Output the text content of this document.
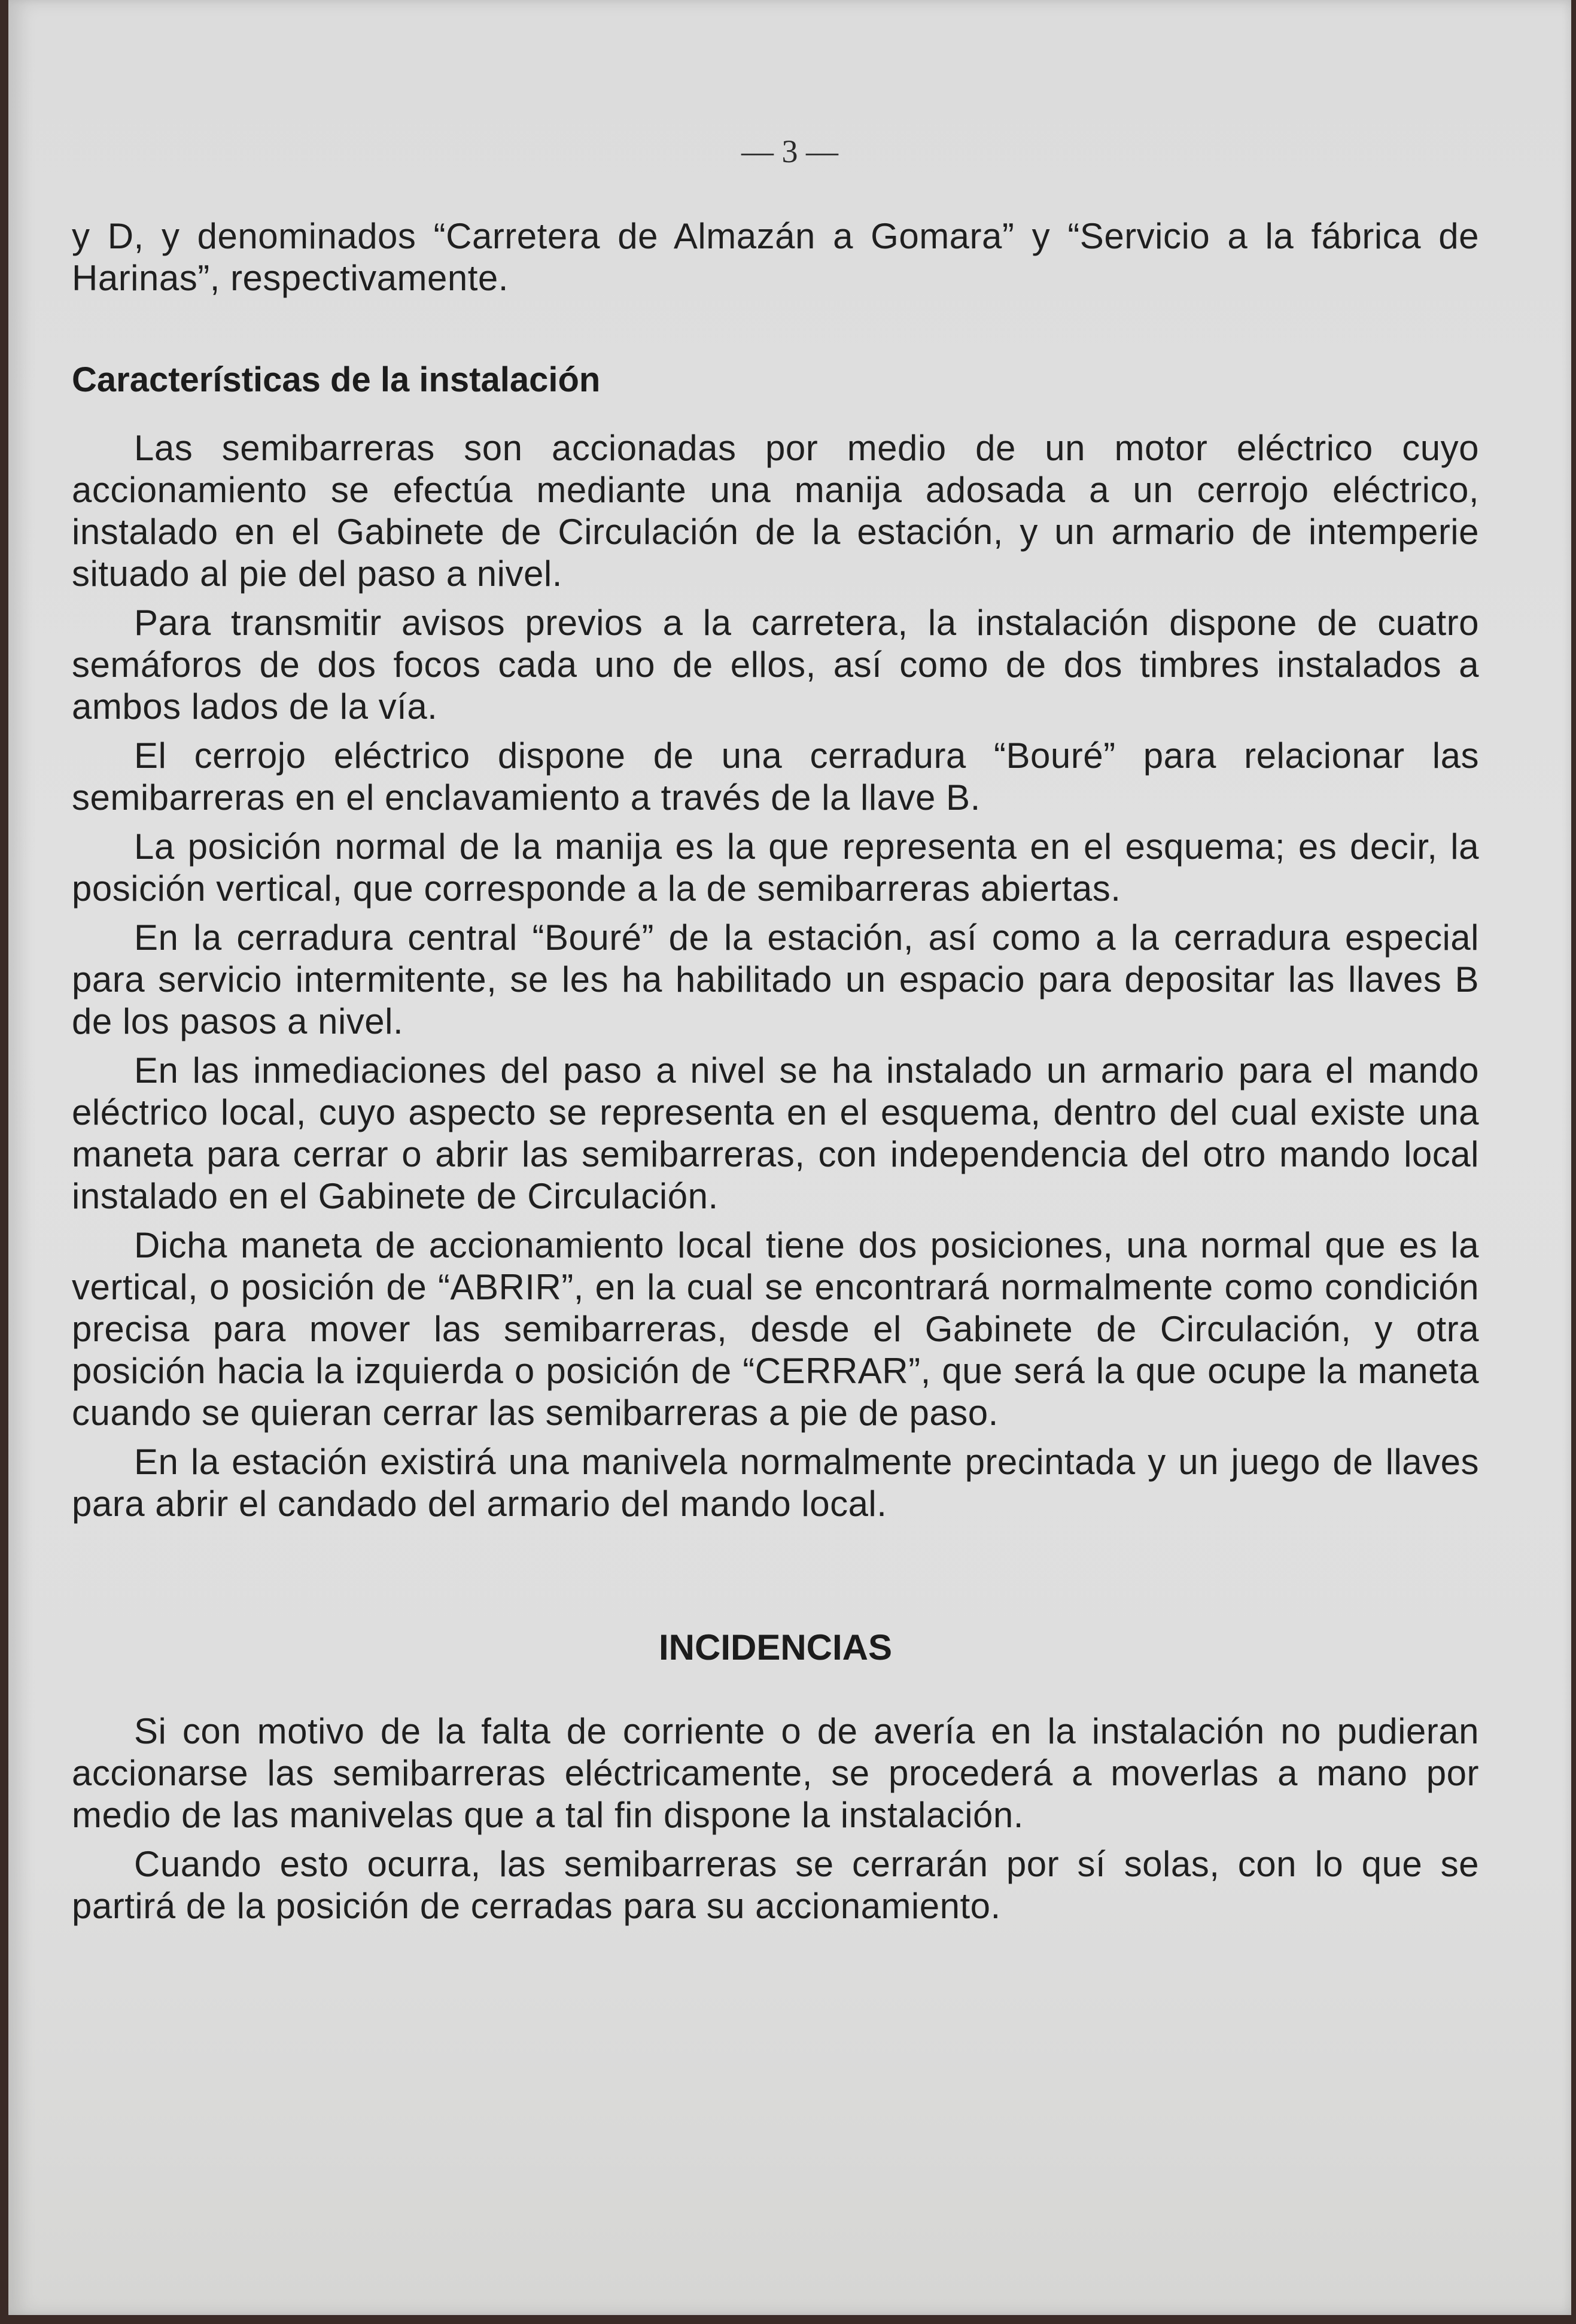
— 3 —

y D, y denominados “Carretera de Almazán a Gomara” y “Servicio a la fábrica de Harinas”, respectivamente.

Características de la instalación

Las semibarreras son accionadas por medio de un motor eléctrico cuyo accionamiento se efectúa mediante una manija adosada a un cerrojo eléctrico, instalado en el Gabinete de Circulación de la estación, y un armario de intemperie situado al pie del paso a nivel.

Para transmitir avisos previos a la carretera, la instalación dispone de cuatro semáforos de dos focos cada uno de ellos, así como de dos timbres instalados a ambos lados de la vía.

El cerrojo eléctrico dispone de una cerradura “Bouré” para relacionar las semibarreras en el enclavamiento a través de la llave B.

La posición normal de la manija es la que representa en el esquema; es decir, la posición vertical, que corresponde a la de semibarreras abiertas.

En la cerradura central “Bouré” de la estación, así como a la cerradura especial para servicio intermitente, se les ha habilitado un espacio para depositar las llaves B de los pasos a nivel.

En las inmediaciones del paso a nivel se ha instalado un armario para el mando eléctrico local, cuyo aspecto se representa en el esquema, dentro del cual existe una maneta para cerrar o abrir las semibarreras, con independencia del otro mando local instalado en el Gabinete de Circulación.

Dicha maneta de accionamiento local tiene dos posiciones, una normal que es la vertical, o posición de “ABRIR”, en la cual se encontrará normalmente como condición precisa para mover las semibarreras, desde el Gabinete de Circulación, y otra posición hacia la izquierda o posición de “CERRAR”, que será la que ocupe la maneta cuando se quieran cerrar las semibarreras a pie de paso.

En la estación existirá una manivela normalmente precintada y un juego de llaves para abrir el candado del armario del mando local.

INCIDENCIAS

Si con motivo de la falta de corriente o de avería en la instalación no pudieran accionarse las semibarreras eléctricamente, se procederá a moverlas a mano por medio de las manivelas que a tal fin dispone la instalación.

Cuando esto ocurra, las semibarreras se cerrarán por sí solas, con lo que se partirá de la posición de cerradas para su accionamiento.
